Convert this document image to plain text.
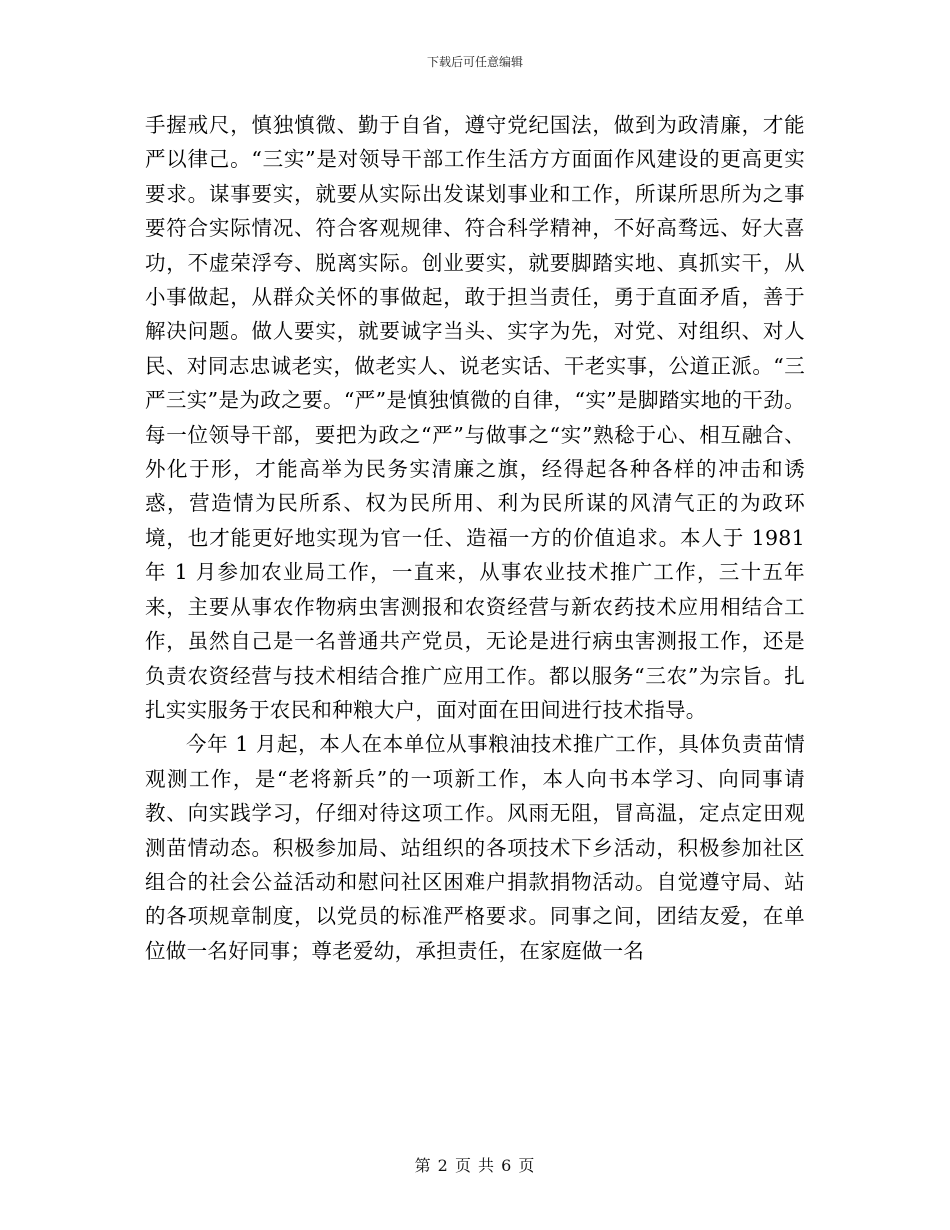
下载后可任意编辑

手握戒尺，慎独慎微、勤于自省，遵守党纪国法，做到为政清廉，才能严以律己。“三实”是对领导干部工作生活方方面面作风建设的更高更实要求。谋事要实，就要从实际出发谋划事业和工作，所谋所思所为之事要符合实际情况、符合客观规律、符合科学精神，不好高骛远、好大喜功，不虚荣浮夸、脱离实际。创业要实，就要脚踏实地、真抓实干，从小事做起，从群众关怀的事做起，敢于担当责任，勇于直面矛盾，善于解决问题。做人要实，就要诚字当头、实字为先，对党、对组织、对人民、对同志忠诚老实，做老实人、说老实话、干老实事，公道正派。“三严三实”是为政之要。“严”是慎独慎微的自律，“实”是脚踏实地的干劲。每一位领导干部，要把为政之“严”与做事之“实”熟稔于心、相互融合、外化于形，才能高举为民务实清廉之旗，经得起各种各样的冲击和诱惑，营造情为民所系、权为民所用、利为民所谋的风清气正的为政环境，也才能更好地实现为官一任、造福一方的价值追求。本人于 1981 年 1 月参加农业局工作，一直来，从事农业技术推广工作，三十五年来，主要从事农作物病虫害测报和农资经营与新农药技术应用相结合工作，虽然自己是一名普通共产党员，无论是进行病虫害测报工作，还是负责农资经营与技术相结合推广应用工作。都以服务“三农”为宗旨。扎扎实实服务于农民和种粮大户，面对面在田间进行技术指导。

今年 1 月起，本人在本单位从事粮油技术推广工作，具体负责苗情观测工作，是“老将新兵”的一项新工作，本人向书本学习、向同事请教、向实践学习，仔细对待这项工作。风雨无阻，冒高温，定点定田观测苗情动态。积极参加局、站组织的各项技术下乡活动，积极参加社区组合的社会公益活动和慰问社区困难户捐款捐物活动。自觉遵守局、站的各项规章制度，以党员的标准严格要求。同事之间，团结友爱，在单位做一名好同事；尊老爱幼，承担责任，在家庭做一名

第 2 页 共 6 页
